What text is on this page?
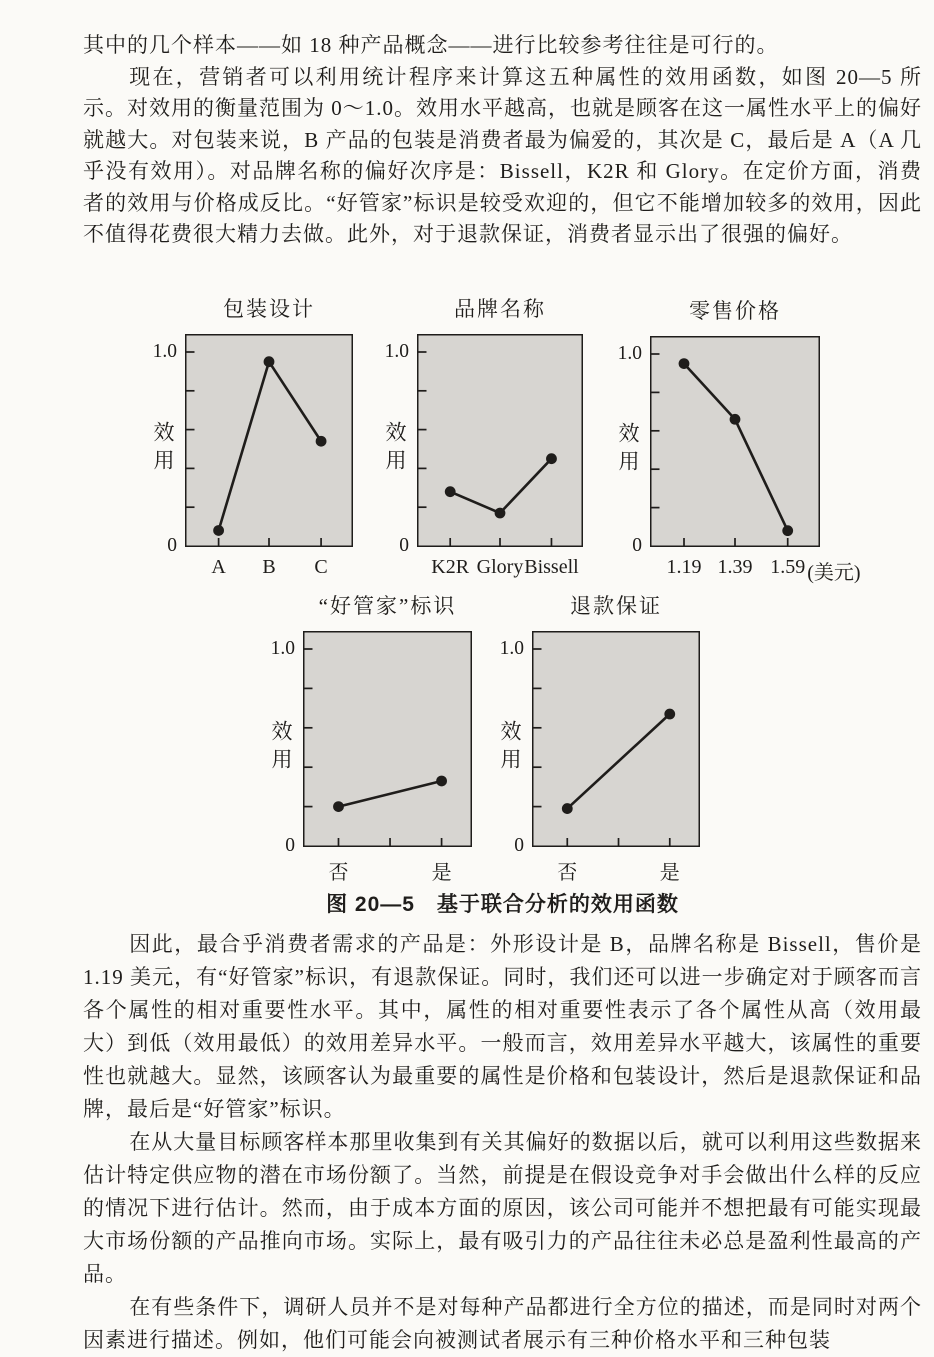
其中的几个样本——如 18 种产品概念——进行比较参考往往是可行的。

现在，营销者可以利用统计程序来计算这五种属性的效用函数，如图 20—5 所示。对效用的衡量范围为 0～1.0。效用水平越高，也就是顾客在这一属性水平上的偏好就越大。对包装来说，B 产品的包装是消费者最为偏爱的，其次是 C，最后是 A（A 几乎没有效用）。对品牌名称的偏好次序是：Bissell，K2R 和 Glory。在定价方面，消费者的效用与价格成反比。“好管家”标识是较受欢迎的，但它不能增加较多的效用，因此不值得花费很大精力去做。此外，对于退款保证，消费者显示出了很强的偏好。

包装设计
1.0
0
效用
A B C
品牌名称
1.0
0
效用
K2R Glory Bissell
零售价格
1.0
0
效用
1.19 1.39 1.59 (美元)
“好管家”标识
1.0
0
效用
否	是
退款保证
1.0
0
效用
否	是
图 20—5　基于联合分析的效用函数

因此，最合乎消费者需求的产品是：外形设计是 B，品牌名称是 Bissell，售价是 1.19 美元，有“好管家”标识，有退款保证。同时，我们还可以进一步确定对于顾客而言各个属性的相对重要性水平。其中，属性的相对重要性表示了各个属性从高（效用最大）到低（效用最低）的效用差异水平。一般而言，效用差异水平越大，该属性的重要性也就越大。显然，该顾客认为最重要的属性是价格和包装设计，然后是退款保证和品牌，最后是“好管家”标识。

在从大量目标顾客样本那里收集到有关其偏好的数据以后，就可以利用这些数据来估计特定供应物的潜在市场份额了。当然，前提是在假设竞争对手会做出什么样的反应的情况下进行估计。然而，由于成本方面的原因，该公司可能并不想把最有可能实现最大市场份额的产品推向市场。实际上，最有吸引力的产品往往未必总是盈利性最高的产品。

在有些条件下，调研人员并不是对每种产品都进行全方位的描述，而是同时对两个因素进行描述。例如，他们可能会向被测试者展示有三种价格水平和三种包装
